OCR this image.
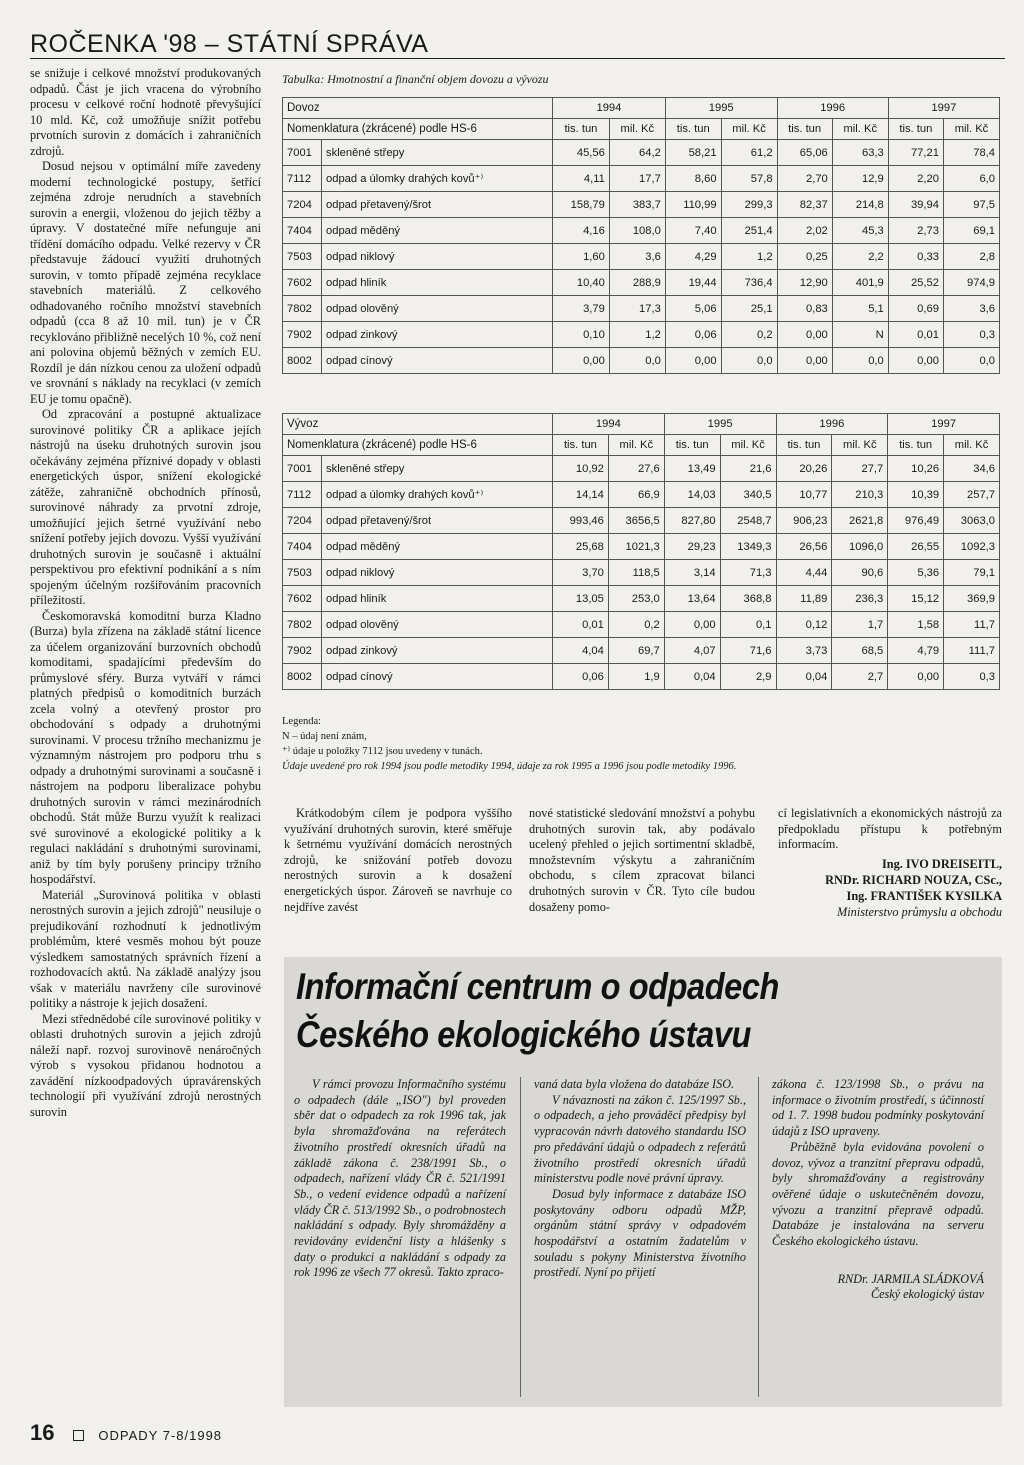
ROČENKA '98 – STÁTNÍ SPRÁVA

se snižuje i celkové množství produkovaných odpadů. Část je jich vracena do výrobního procesu v celkové roční hodnotě převyšující 10 mld. Kč, což umožňuje snížit potřebu prvotních surovin z domácích i zahraničních zdrojů.

Dosud nejsou v optimální míře zavedeny moderní technologické postupy, šetřící zejména zdroje nerudních a stavebních surovin a energii, vloženou do jejich těžby a úpravy. V dostatečné míře nefunguje ani třídění domácího odpadu. Velké rezervy v ČR představuje žádoucí využití druhotných surovin, v tomto případě zejména recyklace stavebních materiálů. Z celkového odhadovaného ročního množství stavebních odpadů (cca 8 až 10 mil. tun) je v ČR recyklováno přibližně necelých 10 %, což není ani polovina objemů běžných v zemích EU. Rozdíl je dán nízkou cenou za uložení odpadů ve srovnání s náklady na recyklaci (v zemích EU je tomu opačně).

Od zpracování a postupné aktualizace surovinové politiky ČR a aplikace jejích nástrojů na úseku druhotných surovin jsou očekávány zejména příznivé dopady v oblasti energetických úspor, snížení ekologické zátěže, zahraničně obchodních přínosů, surovinové náhrady za prvotní zdroje, umožňující jejich šetrné využívání nebo snížení potřeby jejich dovozu. Vyšší využívání druhotných surovin je současně i aktuální perspektivou pro efektivní podnikání a s ním spojeným účelným rozšiřováním pracovních příležitostí.

Českomoravská komoditní burza Kladno (Burza) byla zřízena na základě státní licence za účelem organizování burzovních obchodů komoditami, spadajícími především do průmyslové sféry. Burza vytváří v rámci platných předpisů o komoditních burzách zcela volný a otevřený prostor pro obchodování s odpady a druhotnými surovinami. V procesu tržního mechanizmu je významným nástrojem pro podporu trhu s odpady a druhotnými surovinami a současně i nástrojem na podporu liberalizace pohybu druhotných surovin v rámci mezinárodních obchodů. Stát může Burzu využít k realizaci své surovinové a ekologické politiky a k regulaci nakládání s druhotnými surovinami, aniž by tím byly porušeny principy tržního hospodářství.

Materiál „Surovinová politika v oblasti nerostných surovin a jejich zdrojů" neusiluje o prejudikování rozhodnutí k jednotlivým problémům, které vesměs mohou být pouze výsledkem samostatných správních řízení a rozhodovacích aktů. Na základě analýzy jsou však v materiálu navrženy cíle surovinové politiky a nástroje k jejich dosažení.

Mezi střednědobé cíle surovinové politiky v oblasti druhotných surovin a jejich zdrojů náleží např. rozvoj surovinově nenáročných výrob s vysokou přidanou hodnotou a zavádění nízkoodpadových úpravárenských technologií při využívání zdrojů nerostných surovin

Tabulka: Hmotnostní a finanční objem dovozu a vývozu
Dovoz		1994		1995		1996		1997	
Nomenklatura (zkrácené) podle HS-6		tis. tun	mil. Kč	tis. tun	mil. Kč	tis. tun	mil. Kč	tis. tun	mil. Kč
7001	skleněné střepy	45,56	64,2	58,21	61,2	65,06	63,3	77,21	78,4
7112	odpad a úlomky drahých kovů⁺⁾	4,11	17,7	8,60	57,8	2,70	12,9	2,20	6,0
7204	odpad přetavený/šrot	158,79	383,7	110,99	299,3	82,37	214,8	39,94	97,5
7404	odpad měděný	4,16	108,0	7,40	251,4	2,02	45,3	2,73	69,1
7503	odpad niklový	1,60	3,6	4,29	1,2	0,25	2,2	0,33	2,8
7602	odpad hliník	10,40	288,9	19,44	736,4	12,90	401,9	25,52	974,9
7802	odpad olověný	3,79	17,3	5,06	25,1	0,83	5,1	0,69	3,6
7902	odpad zinkový	0,10	1,2	0,06	0,2	0,00	N	0,01	0,3
8002	odpad cínový	0,00	0,0	0,00	0,0	0,00	0,0	0,00	0,0
Vývoz		1994		1995		1996		1997	
Nomenklatura (zkrácené) podle HS-6		tis. tun	mil. Kč	tis. tun	mil. Kč	tis. tun	mil. Kč	tis. tun	mil. Kč
7001	skleněné střepy	10,92	27,6	13,49	21,6	20,26	27,7	10,26	34,6
7112	odpad a úlomky drahých kovů⁺⁾	14,14	66,9	14,03	340,5	10,77	210,3	10,39	257,7
7204	odpad přetavený/šrot	993,46	3656,5	827,80	2548,7	906,23	2621,8	976,49	3063,0
7404	odpad měděný	25,68	1021,3	29,23	1349,3	26,56	1096,0	26,55	1092,3
7503	odpad niklový	3,70	118,5	3,14	71,3	4,44	90,6	5,36	79,1
7602	odpad hliník	13,05	253,0	13,64	368,8	11,89	236,3	15,12	369,9
7802	odpad olověný	0,01	0,2	0,00	0,1	0,12	1,7	1,58	11,7
7902	odpad zinkový	4,04	69,7	4,07	71,6	3,73	68,5	4,79	111,7
8002	odpad cínový	0,06	1,9	0,04	2,9	0,04	2,7	0,00	0,3

Legenda:

N – údaj není znám,

⁺⁾ údaje u položky 7112 jsou uvedeny v tunách.

Údaje uvedené pro rok 1994 jsou podle metodiky 1994, údaje za rok 1995 a 1996 jsou podle metodiky 1996.

Krátkodobým cílem je podpora vyššího využívání druhotných surovin, které směřuje k šetrnému využívání domácích nerostných zdrojů, ke snižování potřeb dovozu nerostných surovin a k dosažení energetických úspor. Zároveň se navrhuje co nejdříve zavést

nové statistické sledování množství a pohybu druhotných surovin tak, aby podávalo ucelený přehled o jejich sortimentní skladbě, množstevním výskytu a zahraničním obchodu, s cílem zpracovat bilanci druhotných surovin v ČR. Tyto cíle budou dosaženy pomo-

cí legislativních a ekonomických nástrojů za předpokladu přístupu k potřebným informacím.

Ing. IVO DREISEITL,
RNDr. RICHARD NOUZA, CSc.,
Ing. FRANTIŠEK KYSILKA
Ministerstvo průmyslu a obchodu
Informační centrum o odpadech
Českého ekologického ústavu

V rámci provozu Informačního systému o odpadech (dále „ISO") byl proveden sběr dat o odpadech za rok 1996 tak, jak byla shromažďována na referátech životního prostředí okresních úřadů na základě zákona č. 238/1991 Sb., o odpadech, nařízení vlády ČR č. 521/1991 Sb., o vedení evidence odpadů a nařízení vlády ČR č. 513/1992 Sb., o podrobnostech nakládání s odpady. Byly shromážděny a revidovány evidenční listy a hlášenky s daty o produkci a nakládání s odpady za rok 1996 ze všech 77 okresů. Takto zpraco-

vaná data byla vložena do databáze ISO.

V návaznosti na zákon č. 125/1997 Sb., o odpadech, a jeho prováděcí předpisy byl vypracován návrh datového standardu ISO pro předávání údajů o odpadech z referátů životního prostředí okresních úřadů ministerstvu podle nové právní úpravy.

Dosud byly informace z databáze ISO poskytovány odboru odpadů MŽP, orgánům státní správy v odpadovém hospodářství a ostatním žadatelům v souladu s pokyny Ministerstva životního prostředí. Nyní po přijetí

zákona č. 123/1998 Sb., o právu na informace o životním prostředí, s účinností od 1. 7. 1998 budou podmínky poskytování údajů z ISO upraveny.

Průběžně byla evidována povolení o dovoz, vývoz a tranzitní přepravu odpadů, byly shromažďovány a registrovány ověřené údaje o uskutečněném dovozu, vývozu a tranzitní přepravě odpadů. Databáze je instalována na serveru Českého ekologického ústavu.

RNDr. JARMILA SLÁDKOVÁ
Český ekologický ústav
16	ODPADY 7-8/1998
